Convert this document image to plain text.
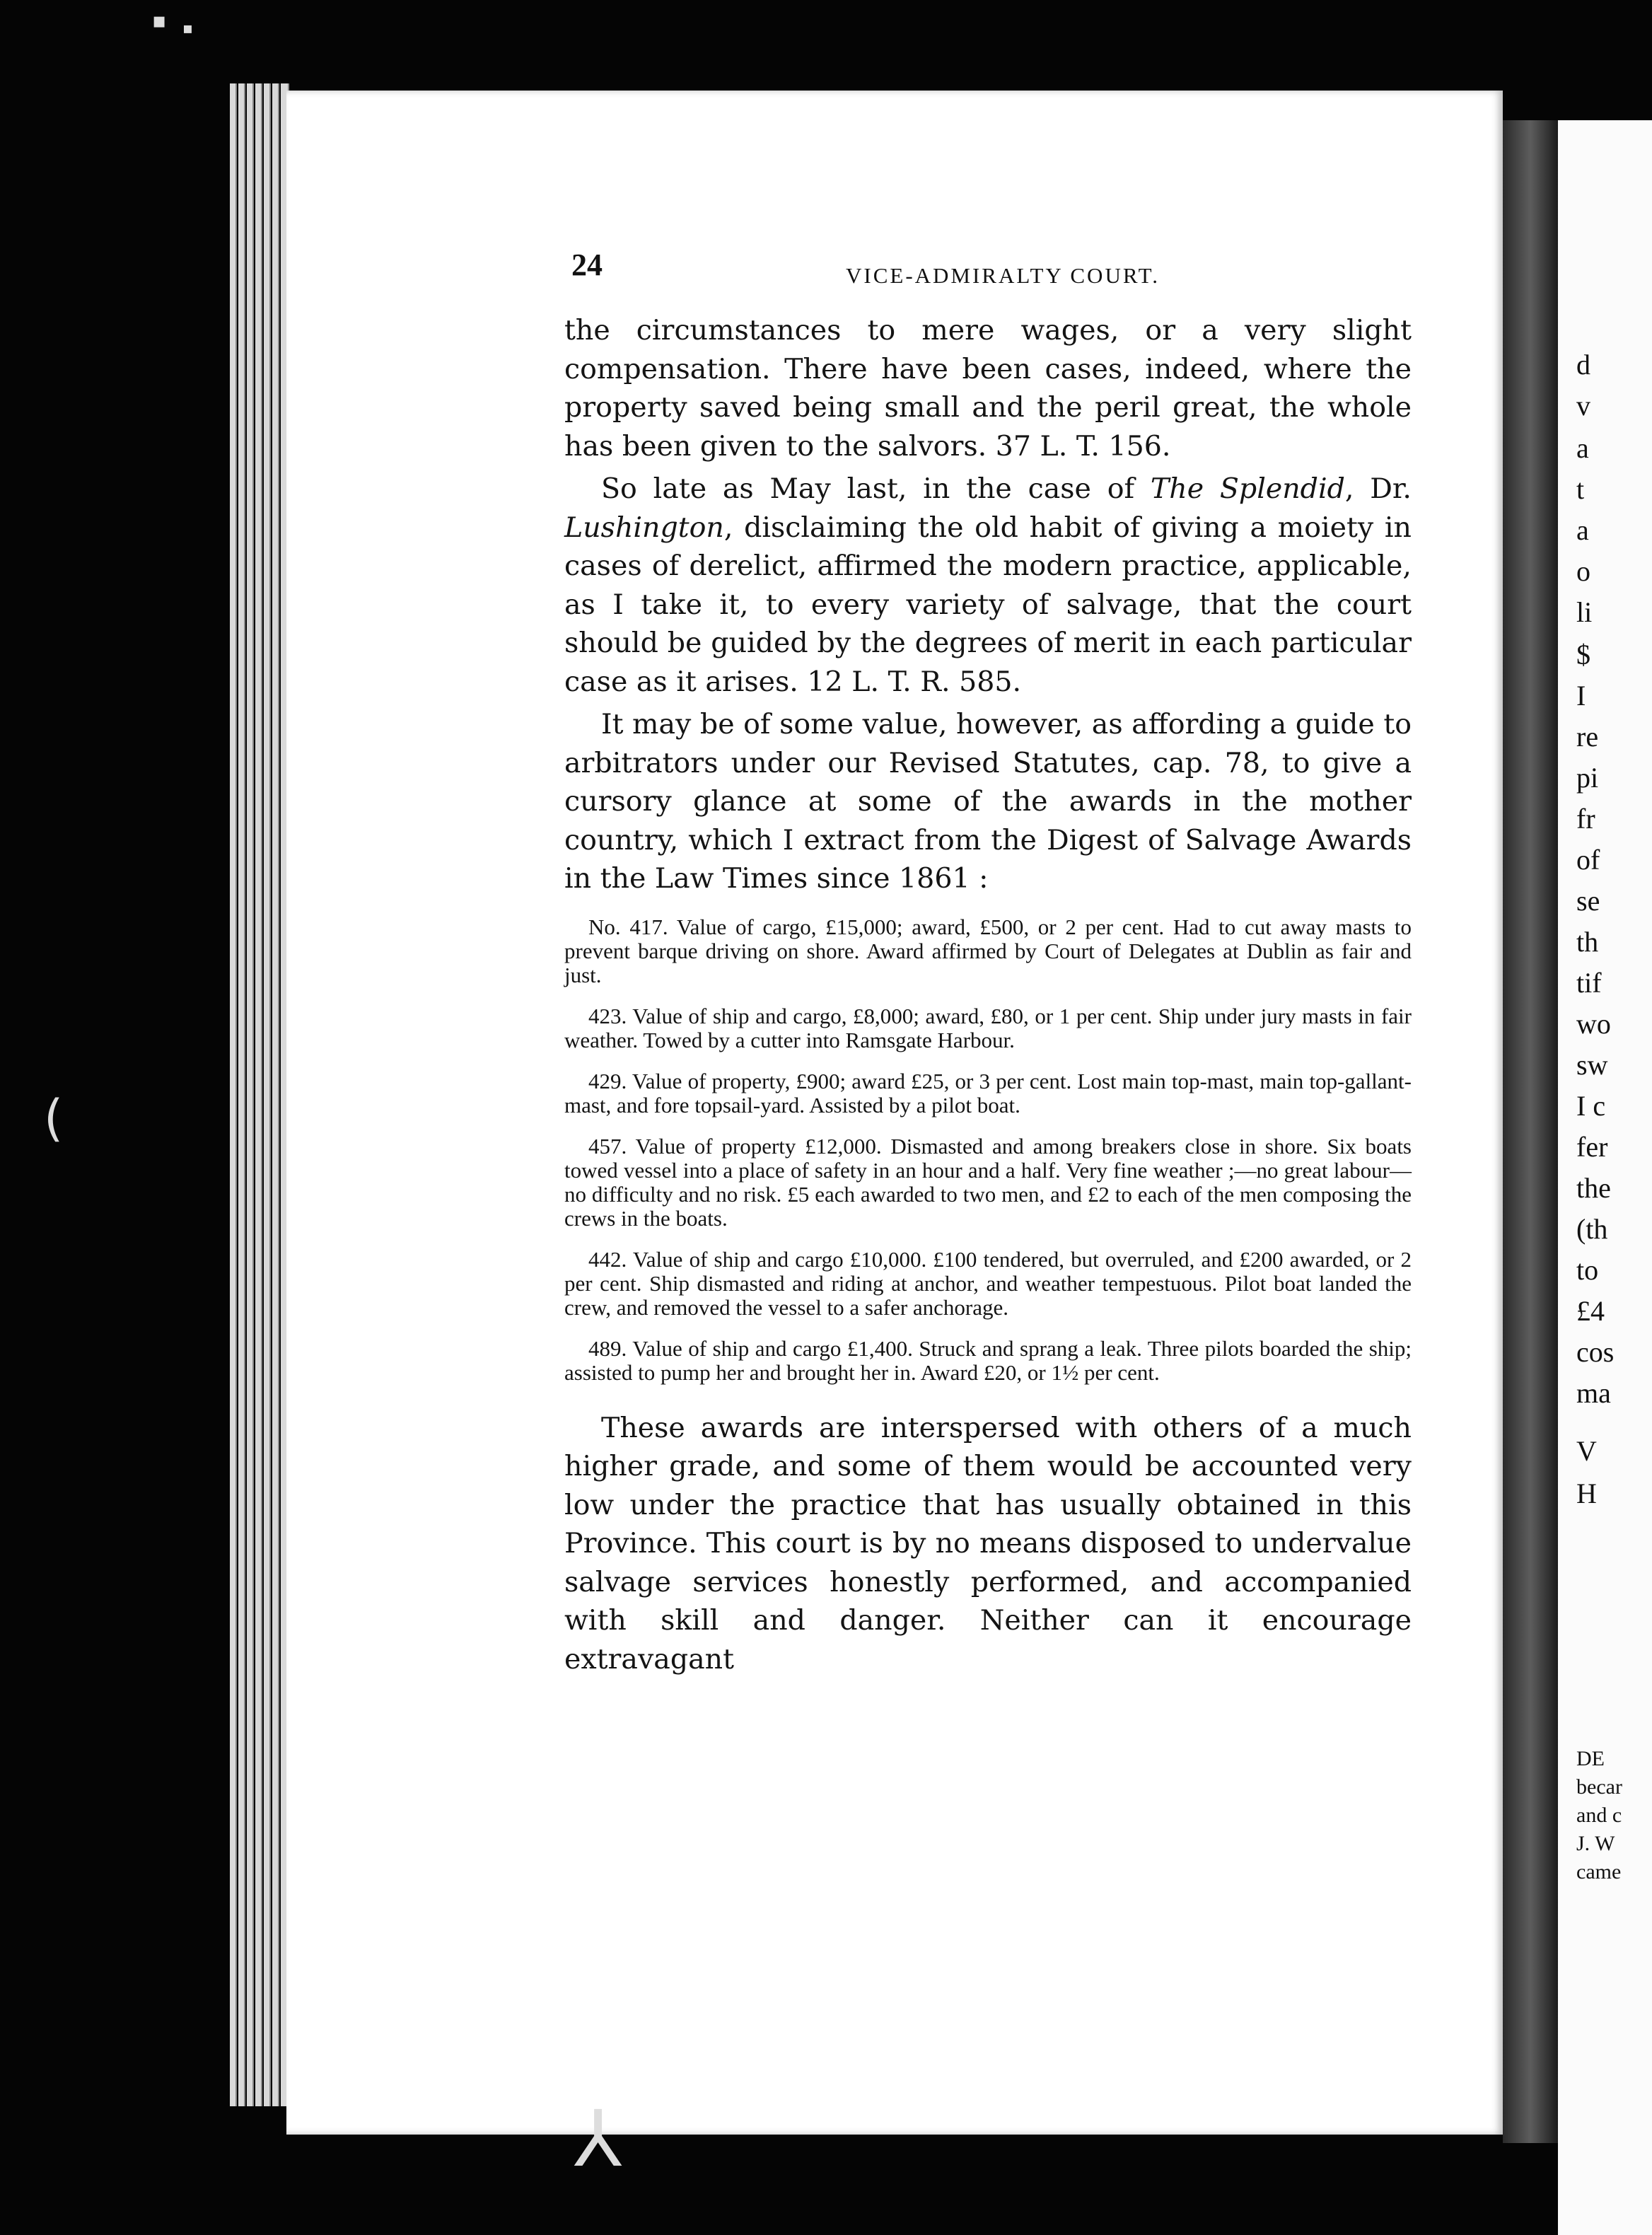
d
v
a
t
a
o
li
$
I
re
pi
fr
of
se
th
tif
wo
sw
I c
fer
the
(th
to
£4
cos
ma
V
H
DE
becar
and c
J. W
came
▪ ▪
(
⅄
24	VICE-ADMIRALTY COURT.

the circumstances to mere wages, or a very slight compensation. There have been cases, indeed, where the property saved being small and the peril great, the whole has been given to the salvors. 37 L. T. 156.

So late as May last, in the case of The Splendid, Dr. Lushington, disclaiming the old habit of giving a moiety in cases of derelict, affirmed the modern practice, applicable, as I take it, to every variety of salvage, that the court should be guided by the degrees of merit in each particular case as it arises. 12 L. T. R. 585.

It may be of some value, however, as affording a guide to arbitrators under our Revised Statutes, cap. 78, to give a cursory glance at some of the awards in the mother country, which I extract from the Digest of Salvage Awards in the Law Times since 1861 :

No. 417. Value of cargo, £15,000; award, £500, or 2 per cent. Had to cut away masts to prevent barque driving on shore. Award affirmed by Court of Delegates at Dublin as fair and just.

423. Value of ship and cargo, £8,000; award, £80, or 1 per cent. Ship under jury masts in fair weather. Towed by a cutter into Ramsgate Harbour.

429. Value of property, £900; award £25, or 3 per cent. Lost main top-mast, main top-gallant-mast, and fore topsail-yard. Assisted by a pilot boat.

457. Value of property £12,000. Dismasted and among breakers close in shore. Six boats towed vessel into a place of safety in an hour and a half. Very fine weather ;—no great labour—no difficulty and no risk. £5 each awarded to two men, and £2 to each of the men composing the crews in the boats.

442. Value of ship and cargo £10,000. £100 tendered, but overruled, and £200 awarded, or 2 per cent. Ship dismasted and riding at anchor, and weather tempestuous. Pilot boat landed the crew, and removed the vessel to a safer anchorage.

489. Value of ship and cargo £1,400. Struck and sprang a leak. Three pilots boarded the ship; assisted to pump her and brought her in. Award £20, or 1½ per cent.

These awards are interspersed with others of a much higher grade, and some of them would be accounted very low under the practice that has usually obtained in this Province. This court is by no means disposed to undervalue salvage services honestly performed, and accompanied with skill and danger. Neither can it encourage extravagant
